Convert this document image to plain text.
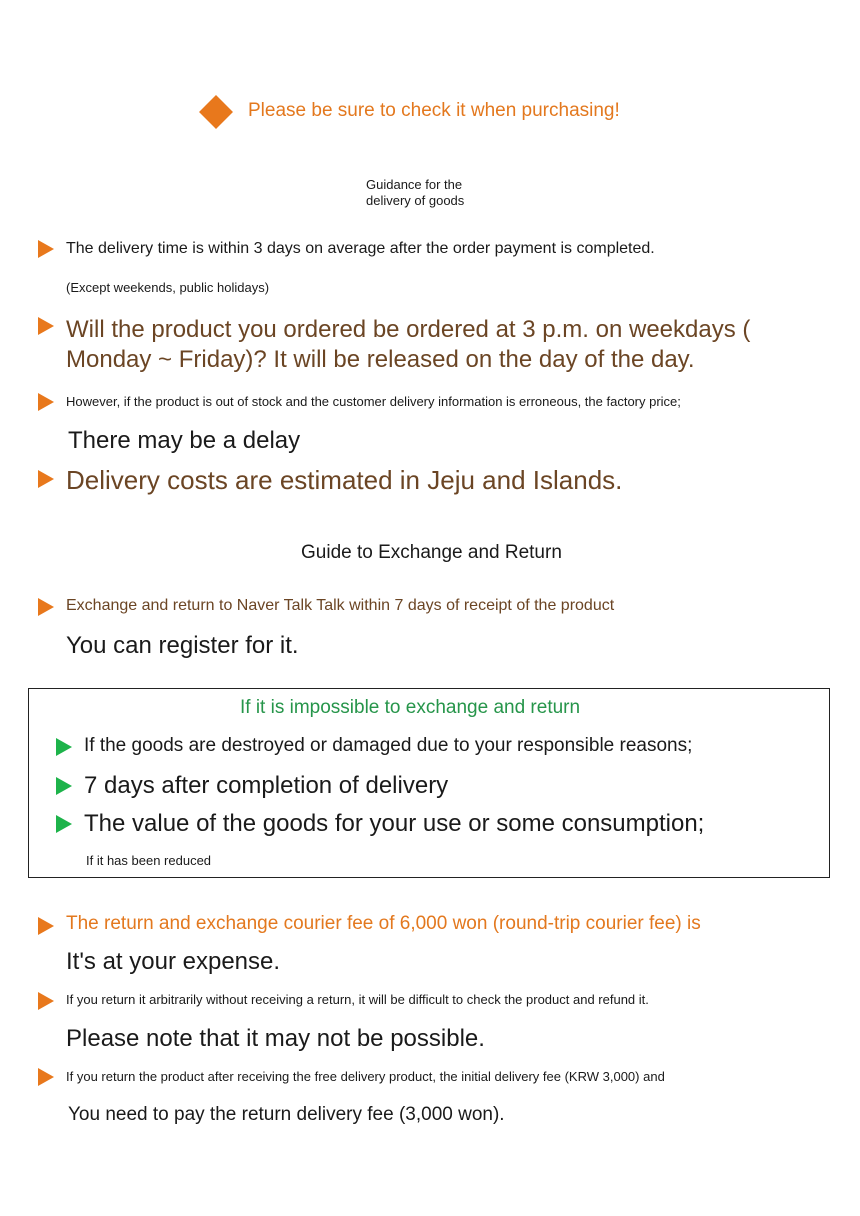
Please be sure to check it when purchasing!
Guidance for the
delivery of goods
The delivery time is within 3 days on average after the order payment is completed.
(Except weekends, public holidays)
Will the product you ordered be ordered at 3 p.m. on weekdays (
Monday ~ Friday)? It will be released on the day of the day.
However, if the product is out of stock and the customer delivery information is erroneous, the factory price;
There may be a delay
Delivery costs are estimated in Jeju and Islands.
Guide to Exchange and Return
Exchange and return to Naver Talk Talk within 7 days of receipt of the product
You can register for it.
If it is impossible to exchange and return
If the goods are destroyed or damaged due to your responsible reasons;
7 days after completion of delivery
The value of the goods for your use or some consumption;
If it has been reduced
The return and exchange courier fee of 6,000 won (round-trip courier fee) is
It's at your expense.
If you return it arbitrarily without receiving a return, it will be difficult to check the product and refund it.
Please note that it may not be possible.
If you return the product after receiving the free delivery product, the initial delivery fee (KRW 3,000) and
You need to pay the return delivery fee (3,000 won).
